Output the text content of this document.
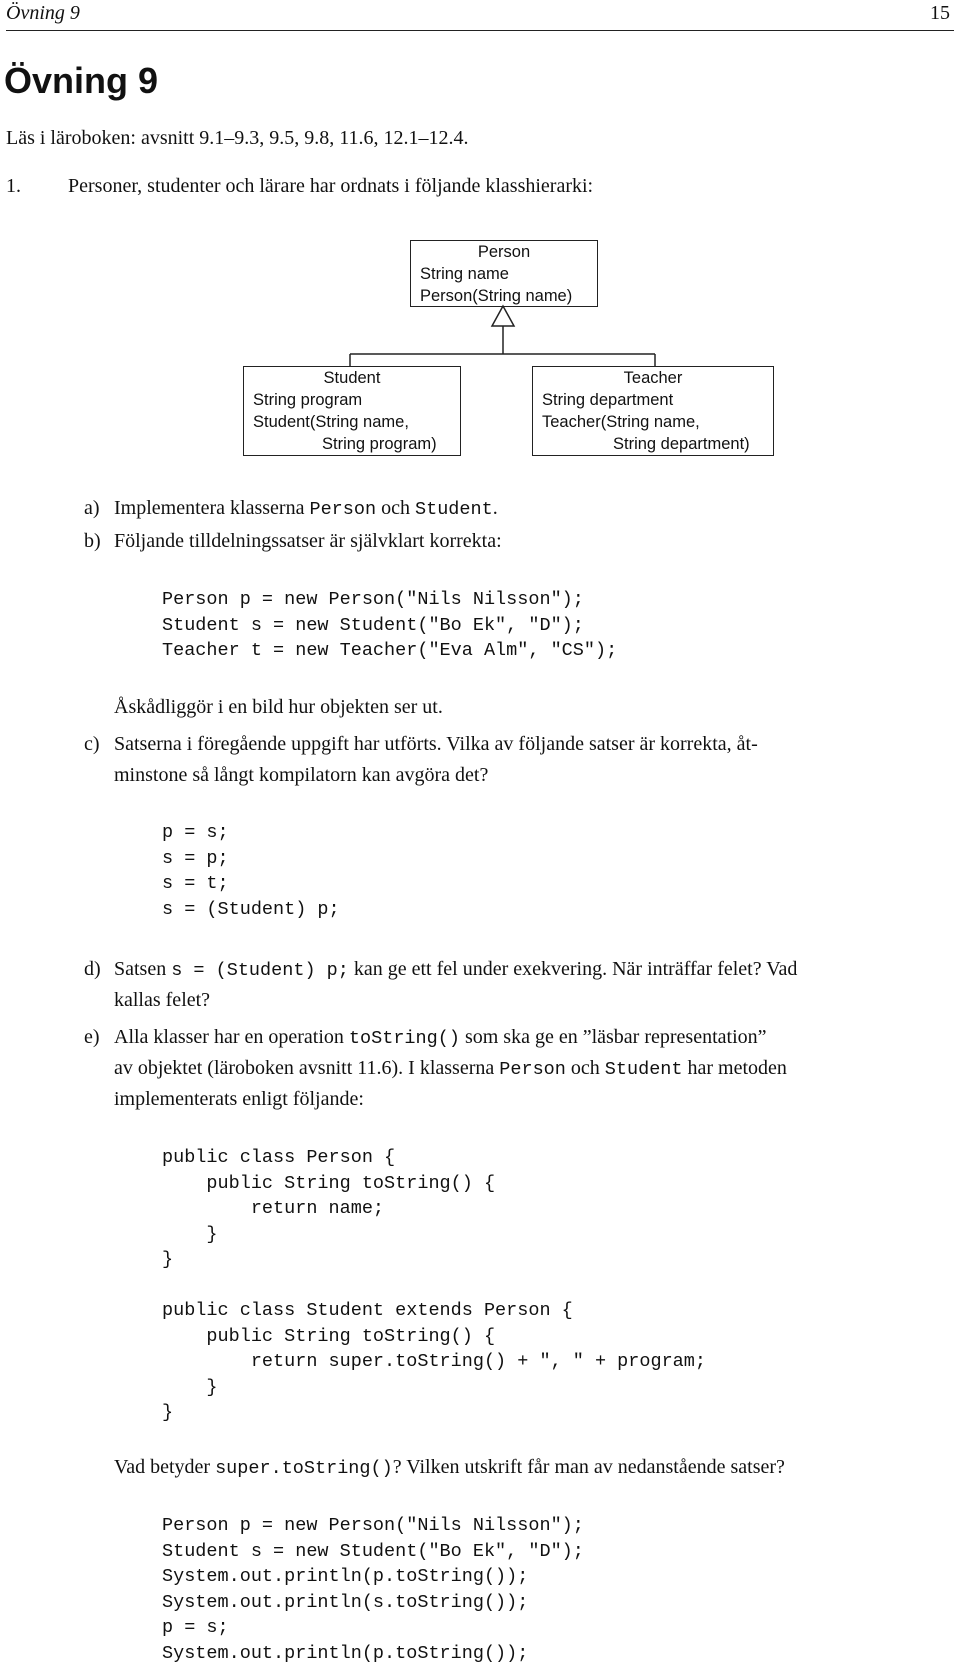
Övning 9	15
Övning 9
Läs i läroboken: avsnitt 9.1–9.3, 9.5, 9.8, 11.6, 12.1–12.4.
1. Personer, studenter och lärare har ordnats i följande klasshierarki:
Person
String name
Person(String name)
Student
String program
Student(String name,
String program)
Teacher
String department
Teacher(String name,
String department)
a) Implementera klasserna Person och Student.
b) Följande tilldelningssatser är självklart korrekta:
Person p = new Person("Nils Nilsson");
Student s = new Student("Bo Ek", "D");
Teacher t = new Teacher("Eva Alm", "CS");
Åskådliggör i en bild hur objekten ser ut.
c) Satserna i föregående uppgift har utförts. Vilka av följande satser är korrekta, åt-
minstone så långt kompilatorn kan avgöra det?
p = s;
s = p;
s = t;
s = (Student) p;
d) Satsen s = (Student) p; kan ge ett fel under exekvering. När inträffar felet? Vad
kallas felet?
e) Alla klasser har en operation toString() som ska ge en ”läsbar representation”
av objektet (läroboken avsnitt 11.6). I klasserna Person och Student har metoden
implementerats enligt följande:
public class Person {
public String toString() {
return name;
}
}

public class Student extends Person {
public String toString() {
return super.toString() + ", " + program;
}
}
Vad betyder super.toString()? Vilken utskrift får man av nedanstående satser?
Person p = new Person("Nils Nilsson");
Student s = new Student("Bo Ek", "D");
System.out.println(p.toString());
System.out.println(s.toString());
p = s;
System.out.println(p.toString());
